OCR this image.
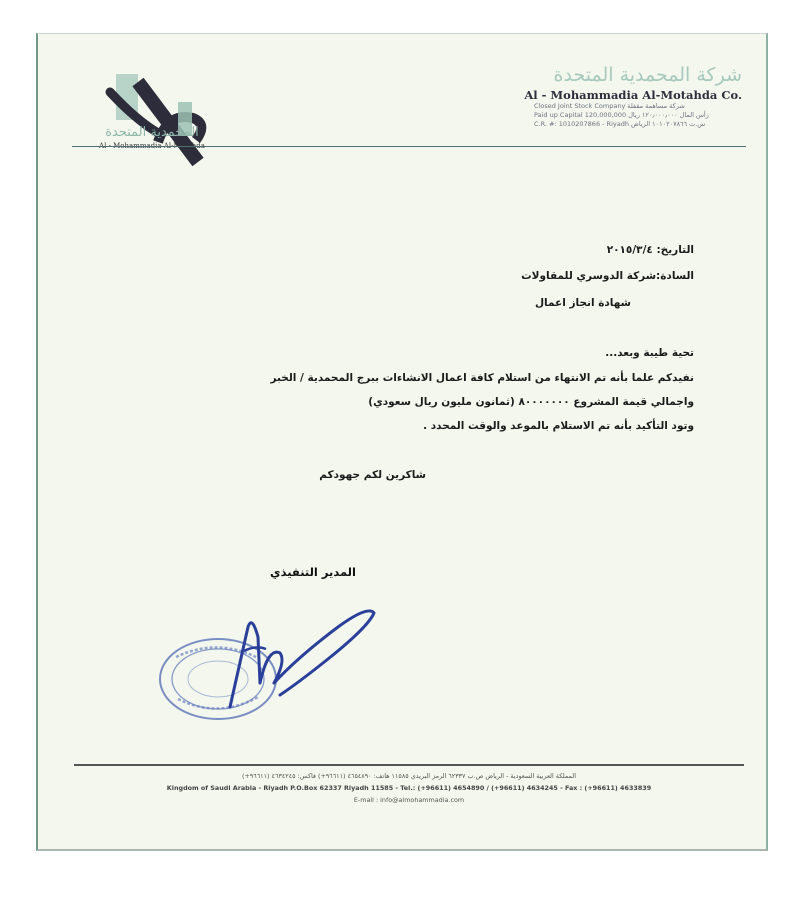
المحمدية المتحدة
Al - Mohammadia Al-Motahda
شركة المحمدية المتحدة
Al - Mohammadia Al-Motahda Co.
Closed Joint Stock Company شركة مساهمة مقفلة
Paid up Capital 120,000,000 رأس المال ١٢٠٫٠٠٠٫٠٠٠ ريال
C.R. #: 1010207866 - Riyadh س.ت ١٠١٠٢٠٧٨٦٦ الرياض
التاريخ: ٢٠١٥/٣/٤
السادة:شركة الدوسري للمقاولات
شهادة انجاز اعمال
تحية طيبة وبعد...
نفيدكم علما بأنه تم الانتهاء من استلام كافة اعمال الانشاءات ببرج المحمدية / الخبر
واجمالي قيمة المشروع ٨٠٠٠٠٠٠٠ (ثمانون مليون ريال سعودي)
وتود التأكيد بأنه تم الاستلام بالموعد والوقت المحدد .
شاكرين لكم جهودكم
المدير التنفيذي
المملكة العربية السعودية - الرياض ص.ب ٦٢٣٣٧ الرمز البريدي ١١٥٨٥ هاتف: ٤٦٥٤٨٩٠ (٩٦٦١١+) فاكس: ٤٦٣٤٢٤٥ (٩٦٦١١+)
Kingdom of Saudi Arabia - Riyadh P.O.Box 62337 Riyadh 11585 - Tel.: (+96611) 4654890 / (+96611) 4634245 - Fax : (+96611) 4633839
E-mail : info@almohammadia.com
